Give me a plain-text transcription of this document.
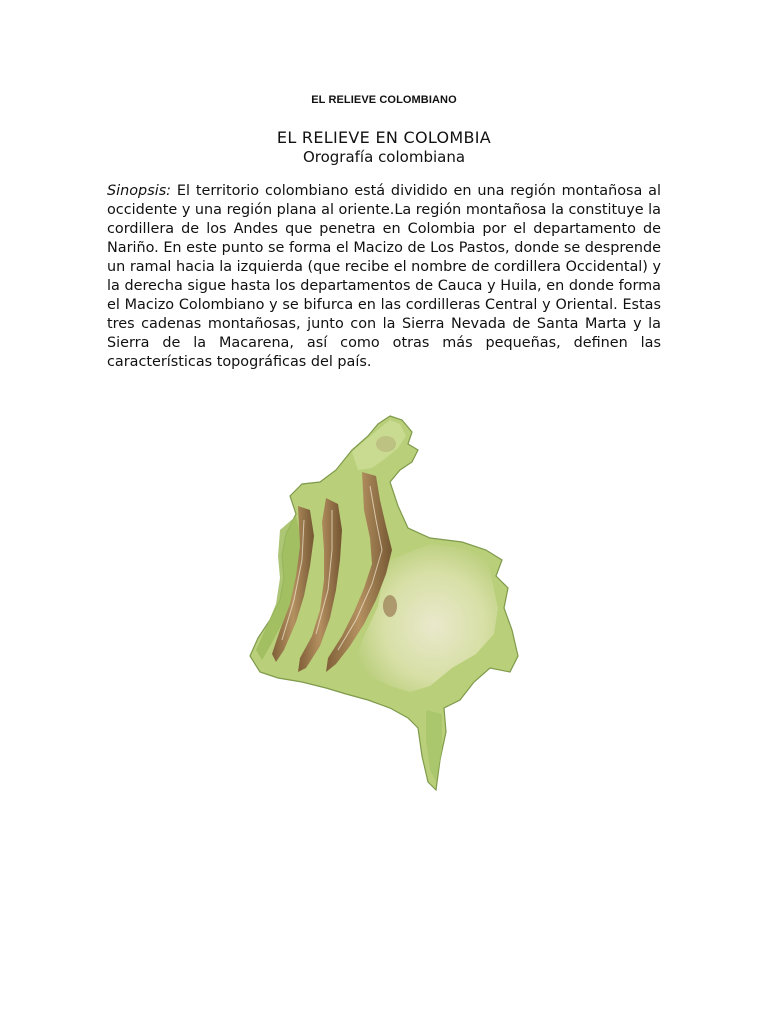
EL RELIEVE COLOMBIANO
EL RELIEVE EN COLOMBIA
Orografía colombiana

Sinopsis: El territorio colombiano está dividido en una región montañosa al occidente y una región plana al oriente.La región montañosa la constituye la cordillera de los Andes que penetra en Colombia por el departamento de Nariño. En este punto se forma el Macizo de Los Pastos, donde se desprende un ramal hacia la izquierda (que recibe el nombre de cordillera Occidental) y la derecha sigue hasta los departamentos de Cauca y Huila, en donde forma el Macizo Colombiano y se bifurca en las cordilleras Central y Oriental. Estas tres cadenas montañosas, junto con la Sierra Nevada de Santa Marta y la Sierra de la Macarena, así como otras más pequeñas, definen las características topográficas del país.
